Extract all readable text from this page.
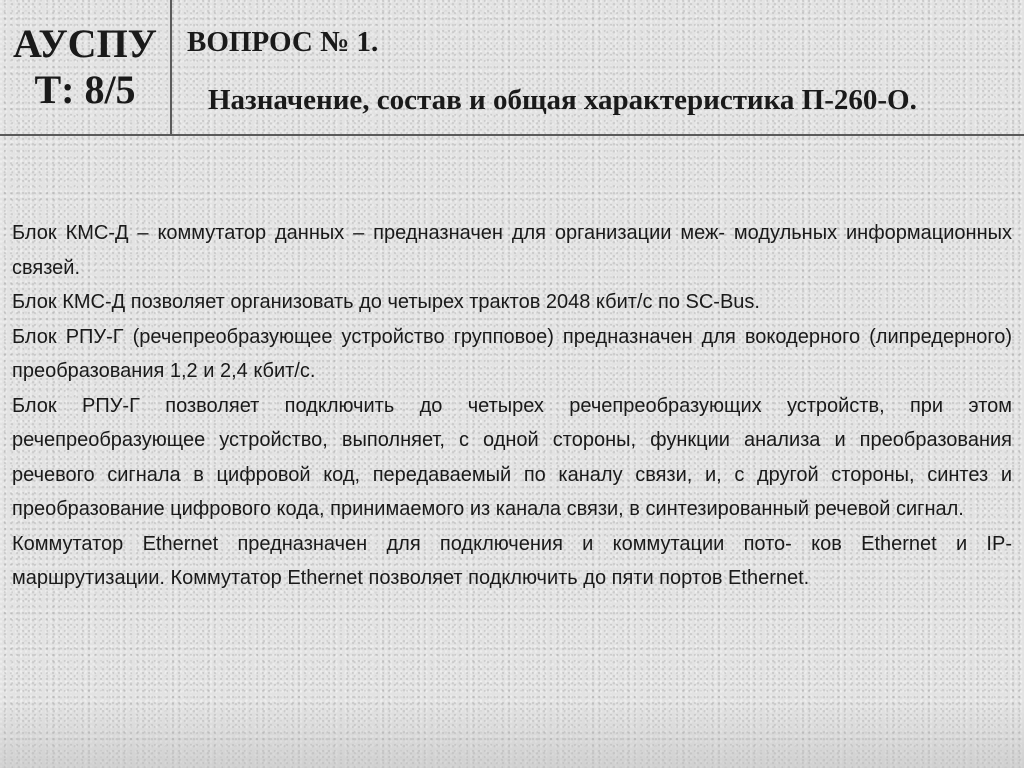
АУСПУ
Т: 8/5
ВОПРОС № 1.
Назначение, состав и общая характеристика П-260-О.

Блок КМС-Д – коммутатор данных – предназначен для организации меж- модульных информационных связей.

Блок КМС-Д позволяет организовать до четырех трактов 2048 кбит/с по SC-Bus.

Блок РПУ-Г (речепреобразующее устройство групповое) предназначен для вокодерного (липредерного) преобразования 1,2 и 2,4 кбит/с.

Блок РПУ-Г позволяет подключить до четырех речепреобразующих устройств, при этом речепреобразующее устройство, выполняет, с одной стороны, функции анализа и преобразования речевого сигнала в цифровой код, передаваемый по каналу связи, и, с другой стороны, синтез и преобразование цифрового кода, принимаемого из канала связи, в синтезированный речевой сигнал.

Коммутатор Ethernet предназначен для подключения и коммутации пото- ков Ethernet и IP-маршрутизации. Коммутатор Ethernet позволяет подключить до пяти портов Ethernet.
